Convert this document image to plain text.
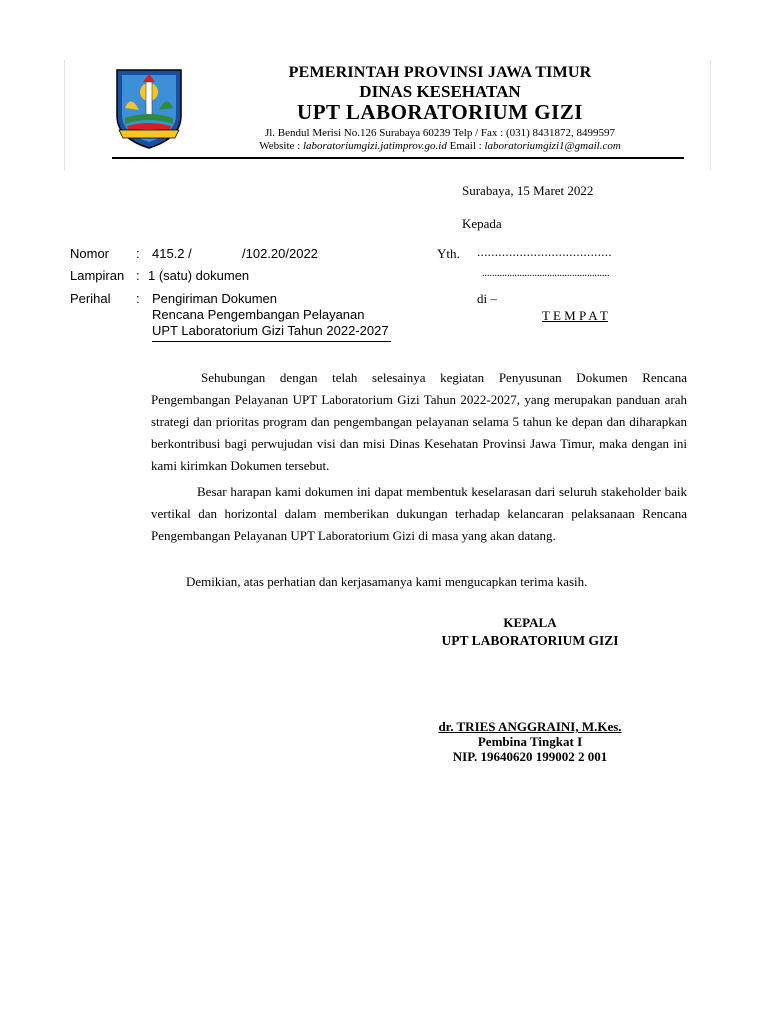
PEMERINTAH PROVINSI JAWA TIMUR
DINAS KESEHATAN
UPT LABORATORIUM GIZI
Jl. Bendul Merisi No.126 Surabaya 60239 Telp / Fax : (031) 8431872, 8499597
Website : laboratoriumgizi.jatimprov.go.id Email : laboratoriumgizi1@gmail.com
Surabaya, 15 Maret 2022
Kepada
Nomor : 415.2 /	/102.20/2022	Yth. ......................................
Lampiran : 1 (satu) dokumen	...................................................
Perihal : Pengiriman Dokumen
Rencana Pengembangan Pelayanan
UPT Laboratorium Gizi Tahun 2022-2027
di –
T E M P A T

Sehubungan dengan telah selesainya kegiatan Penyusunan Dokumen Rencana Pengembangan Pelayanan UPT Laboratorium Gizi Tahun 2022-2027, yang merupakan panduan arah strategi dan prioritas program dan pengembangan pelayanan selama 5 tahun ke depan dan diharapkan berkontribusi bagi perwujudan visi dan misi Dinas Kesehatan Provinsi Jawa Timur, maka dengan ini kami kirimkan Dokumen tersebut.

Besar harapan kami dokumen ini dapat membentuk keselarasan dari seluruh stakeholder baik vertikal dan horizontal dalam memberikan dukungan terhadap kelancaran pelaksanaan Rencana Pengembangan Pelayanan UPT Laboratorium Gizi di masa yang akan datang.

Demikian, atas perhatian dan kerjasamanya kami mengucapkan terima kasih.

KEPALA
UPT LABORATORIUM GIZI
dr. TRIES ANGGRAINI, M.Kes.
Pembina Tingkat I
NIP. 19640620 199002 2 001
